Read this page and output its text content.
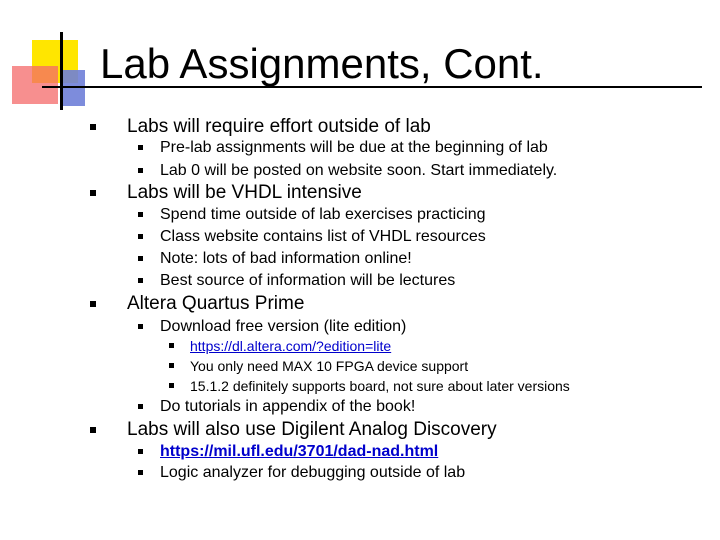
Lab Assignments, Cont.
Labs will require effort outside of lab
Pre-lab assignments will be due at the beginning of lab
Lab 0 will be posted on website soon. Start immediately.
Labs will be VHDL intensive
Spend time outside of lab exercises practicing
Class website contains list of VHDL resources
Note: lots of bad information online!
Best source of information will be lectures
Altera Quartus Prime
Download free version (lite edition)
https://dl.altera.com/?edition=lite
You only need MAX 10 FPGA device support
15.1.2 definitely supports board, not sure about later versions
Do tutorials in appendix of the book!
Labs will also use Digilent Analog Discovery
https://mil.ufl.edu/3701/dad-nad.html
Logic analyzer for debugging outside of lab
